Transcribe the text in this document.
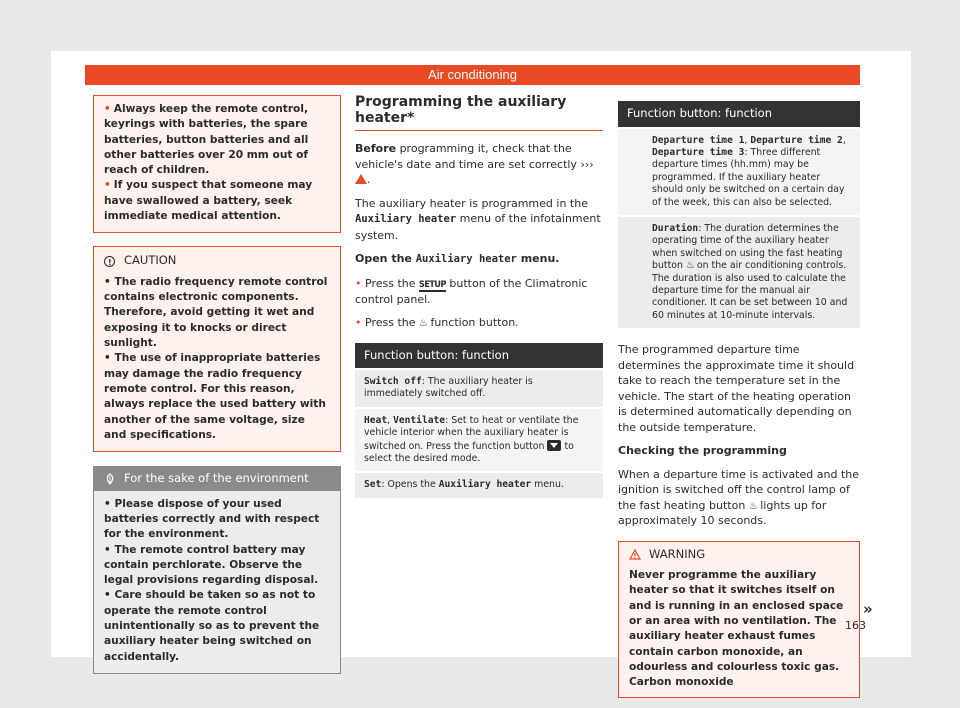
Air conditioning
• Always keep the remote control, keyrings with batteries, the spare batteries, button batteries and all other batteries over 20 mm out of reach of children.
• If you suspect that someone may have swallowed a battery, seek immediate medical attention.
!
CAUTION
• The radio frequency remote control contains electronic components. Therefore, avoid getting it wet and exposing it to knocks or direct sunlight.
• The use of inappropriate batteries may damage the radio frequency remote control. For this reason, always replace the used battery with another of the same voltage, size and specifications.
For the sake of the environment
• Please dispose of your used batteries correctly and with respect for the environment.
• The remote control battery may contain perchlorate. Observe the legal provisions regarding disposal.
• Care should be taken so as not to operate the remote control unintentionally so as to prevent the auxiliary heater being switched on accidentally.
Programming the auxiliary heater*
Before programming it, check that the vehicle's date and time are set correctly ››› .
The auxiliary heater is programmed in the Auxiliary heater menu of the infotainment system.
Open the Auxiliary heater menu.
• Press the SETUP button of the Climatronic control panel.
• Press the ♨ function button.
Function button: function
Switch off: The auxiliary heater is immediately switched off.
Heat, Ventilate: Set to heat or ventilate the vehicle interior when the auxiliary heater is switched on. Press the function button  to select the desired mode.
Set: Opens the Auxiliary heater menu.
Function button: function
Departure time 1, Departure time 2, Departure time 3: Three different departure times (hh.mm) may be programmed. If the auxiliary heater should only be switched on a certain day of the week, this can also be selected.
Duration: The duration determines the operating time of the auxiliary heater when switched on using the fast heating button ♨ on the air conditioning controls. The duration is also used to calculate the departure time for the manual air conditioner. It can be set between 10 and 60 minutes at 10-minute intervals.
The programmed departure time determines the approximate time it should take to reach the temperature set in the vehicle. The start of the heating operation is determined automatically depending on the outside temperature.
Checking the programming
When a departure time is activated and the ignition is switched off the control lamp of the fast heating button ♨ lights up for approximately 10 seconds.
WARNING
Never programme the auxiliary heater so that it switches itself on and is running in an enclosed space or an area with no ventilation. The auxiliary heater exhaust fumes contain carbon monoxide, an odourless and colourless toxic gas. Carbon monoxide
»
163
